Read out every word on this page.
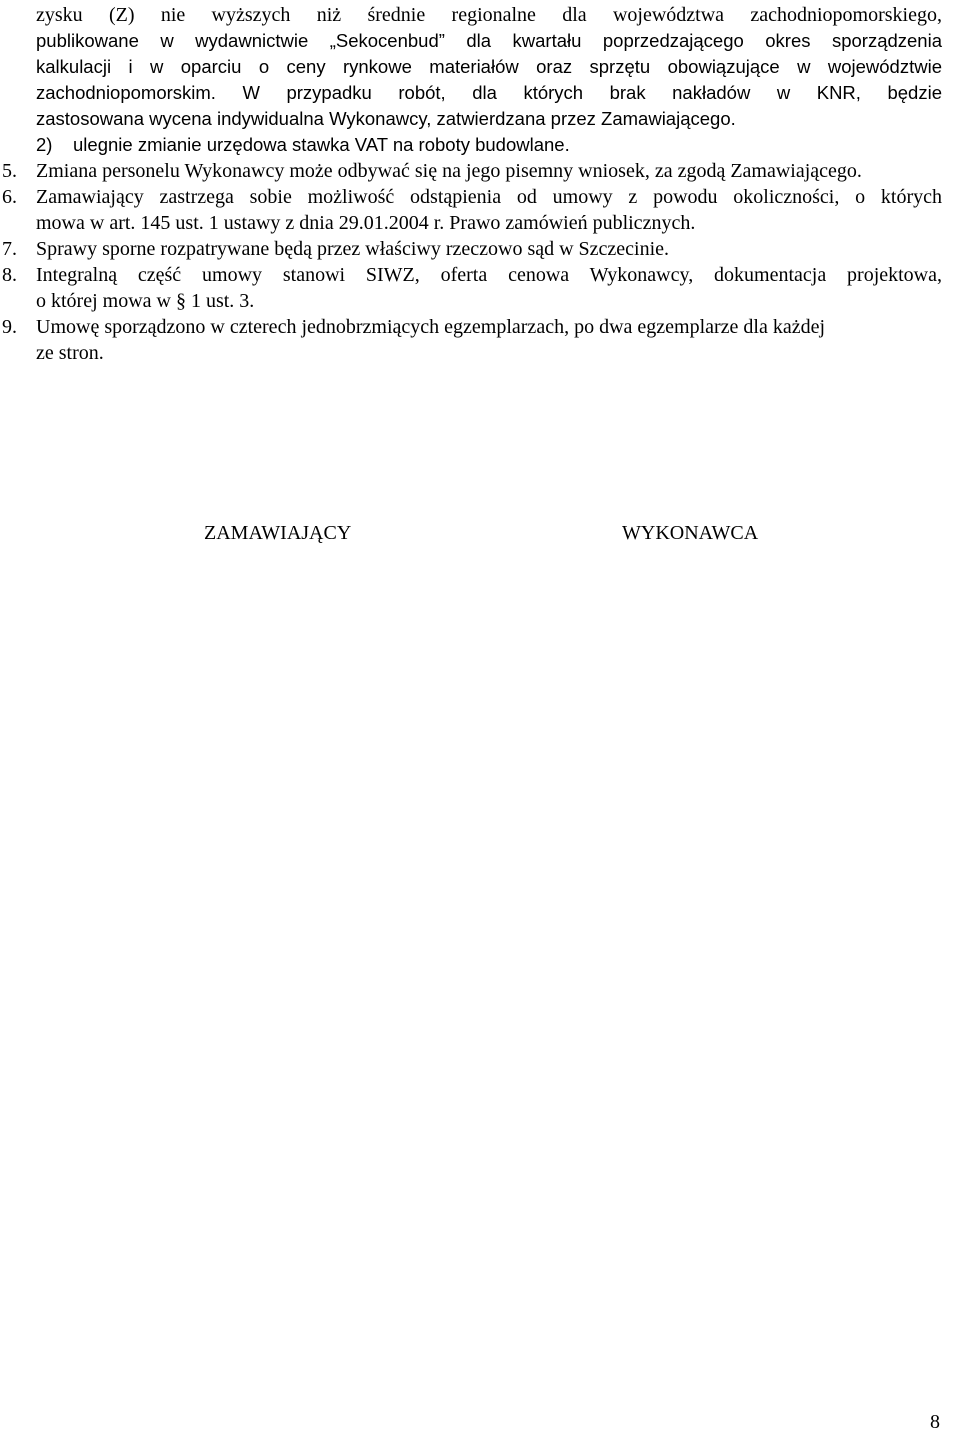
zysku (Z) nie wyższych niż średnie regionalne dla województwa zachodniopomorskiego,
publikowane w wydawnictwie „Sekocenbud” dla kwartału poprzedzającego okres sporządzenia
kalkulacji i w oparciu o ceny rynkowe materiałów oraz sprzętu obowiązujące w województwie
zachodniopomorskim. W przypadku robót, dla których brak nakładów w KNR, będzie
zastosowana wycena indywidualna Wykonawcy, zatwierdzana przez Zamawiającego.
2) ulegnie zmianie urzędowa stawka VAT na roboty budowlane.
5. Zmiana personelu Wykonawcy może odbywać się na jego pisemny wniosek, za zgodą Zamawiającego.
6. Zamawiający zastrzega sobie możliwość odstąpienia od umowy z powodu okoliczności, o których
mowa w art. 145 ust. 1 ustawy z dnia 29.01.2004 r. Prawo zamówień publicznych.
7. Sprawy sporne rozpatrywane będą przez właściwy rzeczowo sąd w Szczecinie.
8. Integralną część umowy stanowi SIWZ, oferta cenowa Wykonawcy, dokumentacja projektowa,
o której mowa w § 1 ust. 3.
9. Umowę sporządzono w czterech jednobrzmiących egzemplarzach, po dwa egzemplarze dla każdej
ze stron.
ZAMAWIAJĄCY	WYKONAWCA
8
